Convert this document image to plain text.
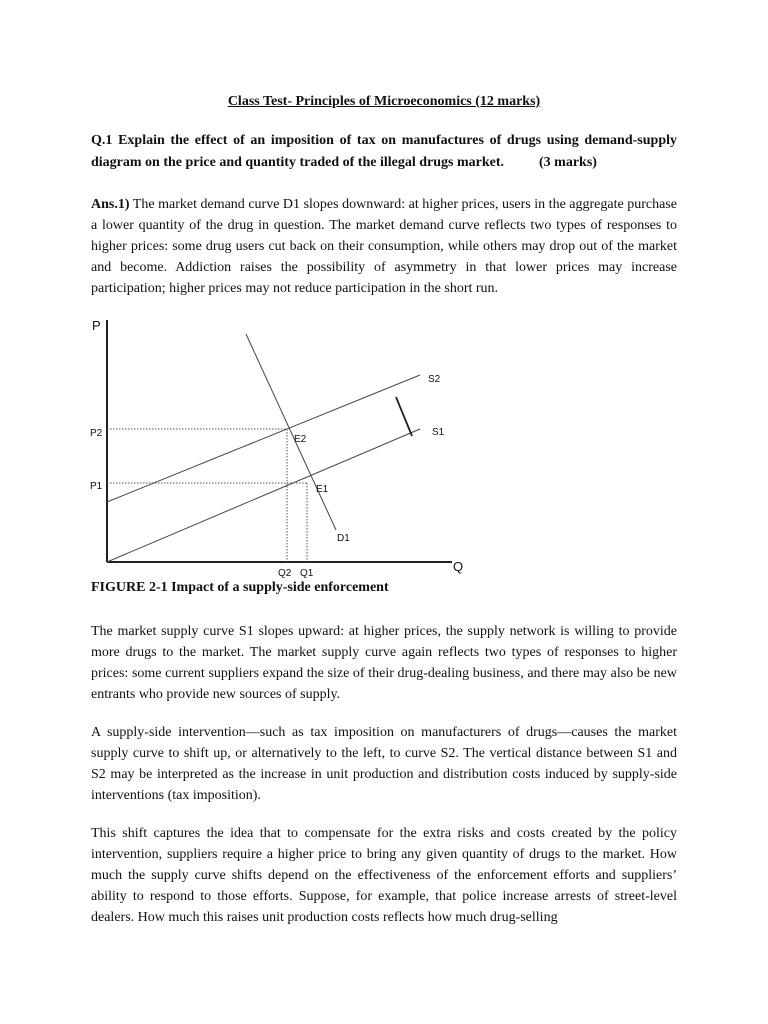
Class Test- Principles of Microeconomics (12 marks)
Q.1 Explain the effect of an imposition of tax on manufactures of drugs using demand-supply diagram on the price and quantity traded of the illegal drugs market.	(3 marks)

Ans.1) The market demand curve D1 slopes downward: at higher prices, users in the aggregate purchase a lower quantity of the drug in question. The market demand curve reflects two types of responses to higher prices: some drug users cut back on their consumption, while others may drop out of the market and become. Addiction raises the possibility of asymmetry in that lower prices may increase participation; higher prices may not reduce participation in the short run.

P
Q
S2
S1
D1
E2
E1
P2
P1
Q2 Q1
FIGURE 2-1 Impact of a supply-side enforcement

The market supply curve S1 slopes upward: at higher prices, the supply network is willing to provide more drugs to the market. The market supply curve again reflects two types of responses to higher prices: some current suppliers expand the size of their drug-dealing business, and there may also be new entrants who provide new sources of supply.

A supply-side intervention—such as tax imposition on manufacturers of drugs—causes the market supply curve to shift up, or alternatively to the left, to curve S2. The vertical distance between S1 and S2 may be interpreted as the increase in unit production and distribution costs induced by supply-side interventions (tax imposition).

This shift captures the idea that to compensate for the extra risks and costs created by the policy intervention, suppliers require a higher price to bring any given quantity of drugs to the market. How much the supply curve shifts depend on the effectiveness of the enforcement efforts and suppliers’ ability to respond to those efforts. Suppose, for example, that police increase arrests of street-level dealers. How much this raises unit production costs reflects how much drug-selling
